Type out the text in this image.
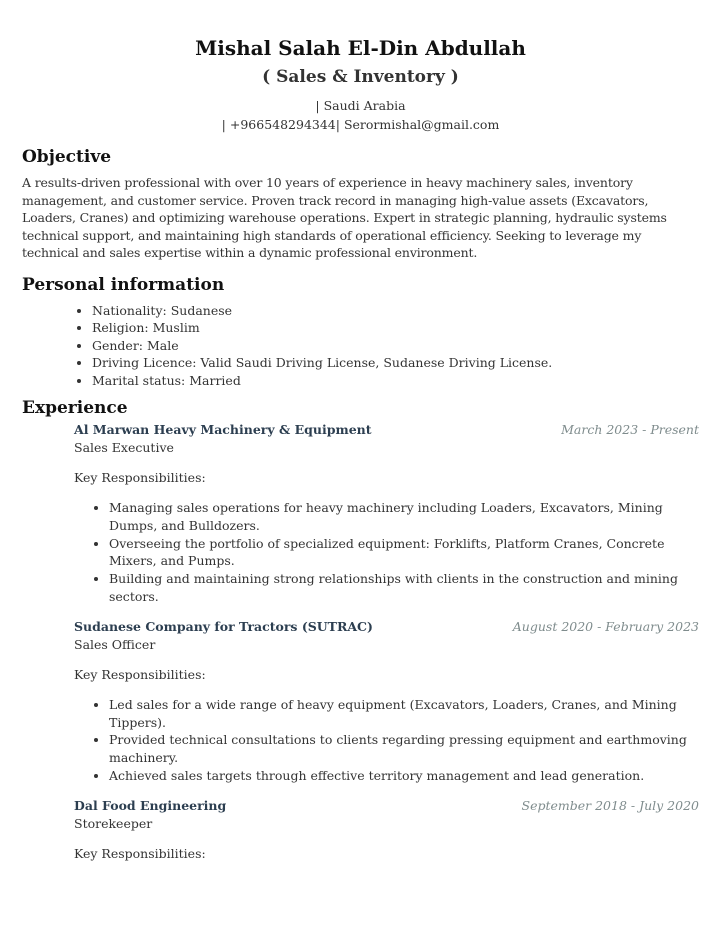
Mishal Salah El-Din Abdullah
( Sales & Inventory )
| Saudi Arabia
| +966548294344| Serormishal@gmail.com
Objective

A results-driven professional with over 10 years of experience in heavy machinery sales, inventory management, and customer service. Proven track record in managing high-value assets (Excavators, Loaders, Cranes) and optimizing warehouse operations. Expert in strategic planning, hydraulic systems technical support, and maintaining high standards of operational efficiency. Seeking to leverage my technical and sales expertise within a dynamic professional environment.

Personal information
• Nationality: Sudanese
• Religion: Muslim
• Gender: Male
• Driving Licence: Valid Saudi Driving License, Sudanese Driving License.
• Marital status: Married
Experience
Al Marwan Heavy Machinery & Equipment	March 2023 - Present
Sales Executive
Key Responsibilities:
• Managing sales operations for heavy machinery including Loaders, Excavators, Mining Dumps, and Bulldozers.
• Overseeing the portfolio of specialized equipment: Forklifts, Platform Cranes, Concrete Mixers, and Pumps.
• Building and maintaining strong relationships with clients in the construction and mining sectors.
Sudanese Company for Tractors (SUTRAC)	August 2020 - February 2023
Sales Officer
Key Responsibilities:
• Led sales for a wide range of heavy equipment (Excavators, Loaders, Cranes, and Mining Tippers).
• Provided technical consultations to clients regarding pressing equipment and earthmoving machinery.
• Achieved sales targets through effective territory management and lead generation.
Dal Food Engineering	September 2018 - July 2020
Storekeeper
Key Responsibilities:
